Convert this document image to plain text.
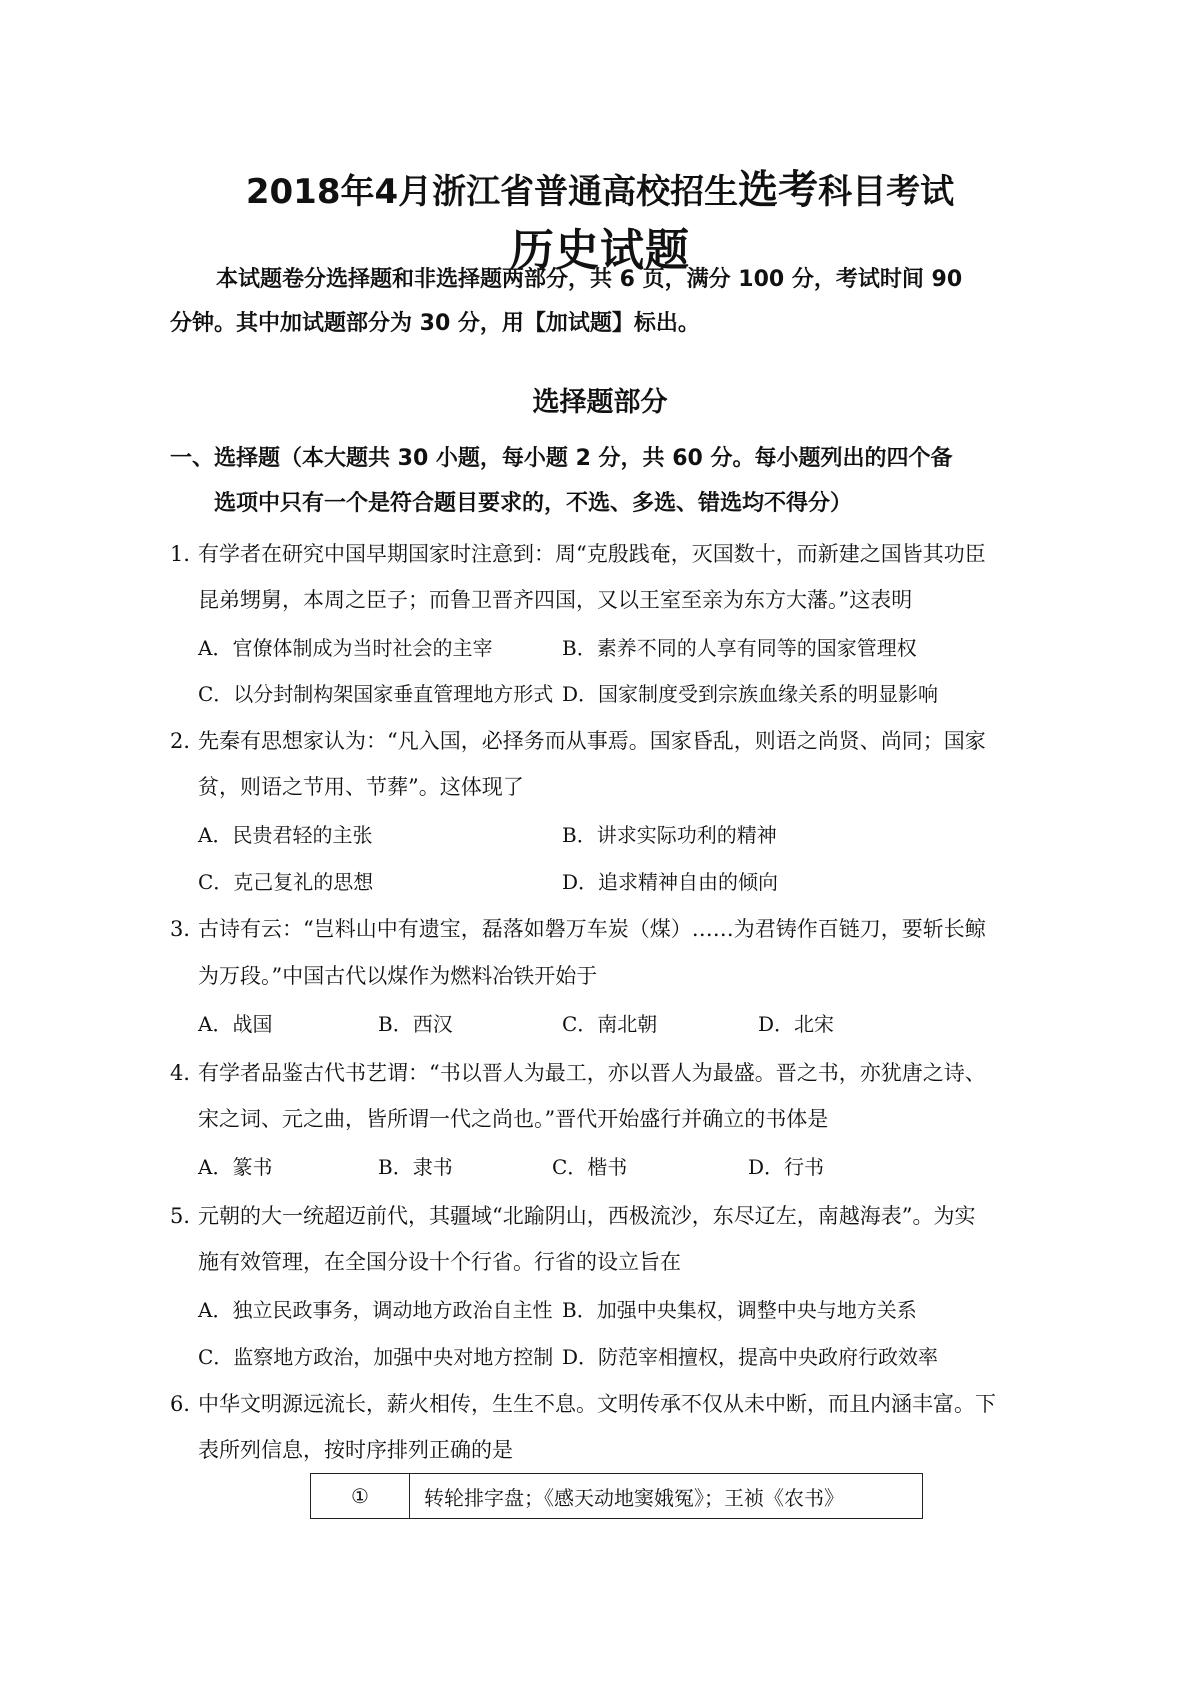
2018年4月浙江省普通高校招生选考科目考试
历史试题
本试题卷分选择题和非选择题两部分，共 6 页，满分 100 分，考试时间 90
分钟。其中加试题部分为 30 分，用【加试题】标出。
选择题部分
一、选择题（本大题共 30 小题，每小题 2 分，共 60 分。每小题列出的四个备
选项中只有一个是符合题目要求的，不选、多选、错选均不得分）
1．
有学者在研究中国早期国家时注意到：周“克殷践奄，灭国数十，而新建之国皆其功臣
昆弟甥舅，本周之臣子；而鲁卫晋齐四国，又以王室至亲为东方大藩。”这表明
A．官僚体制成为当时社会的主宰	B．素养不同的人享有同等的国家管理权
C．以分封制构架国家垂直管理地方形式 D．国家制度受到宗族血缘关系的明显影响
2．
先秦有思想家认为：“凡入国，必择务而从事焉。国家昏乱，则语之尚贤、尚同；国家
贫，则语之节用、节葬”。这体现了
A．民贵君轻的主张	B．讲求实际功利的精神
C．克己复礼的思想	D．追求精神自由的倾向
3．
古诗有云：“岂料山中有遗宝，磊落如磐万车炭（煤）……为君铸作百链刀，要斩长鲸
为万段。”中国古代以煤作为燃料冶铁开始于
A．战国	B．西汉	C．南北朝	D．北宋
4．
有学者品鉴古代书艺谓：“书以晋人为最工，亦以晋人为最盛。晋之书，亦犹唐之诗、
宋之词、元之曲，皆所谓一代之尚也。”晋代开始盛行并确立的书体是
A．篆书	B．隶书	C．楷书	D．行书
5．
元朝的大一统超迈前代，其疆域“北踰阴山，西极流沙，东尽辽左，南越海表”。为实
施有效管理，在全国分设十个行省。行省的设立旨在
A．独立民政事务，调动地方政治自主性 B．加强中央集权，调整中央与地方关系
C．监察地方政治，加强中央对地方控制 D．防范宰相擅权，提高中央政府行政效率
6．
中华文明源远流长，薪火相传，生生不息。文明传承不仅从未中断，而且内涵丰富。下
表所列信息，按时序排列正确的是
①	转轮排字盘；《感天动地窦娥冤》；王祯《农书》
